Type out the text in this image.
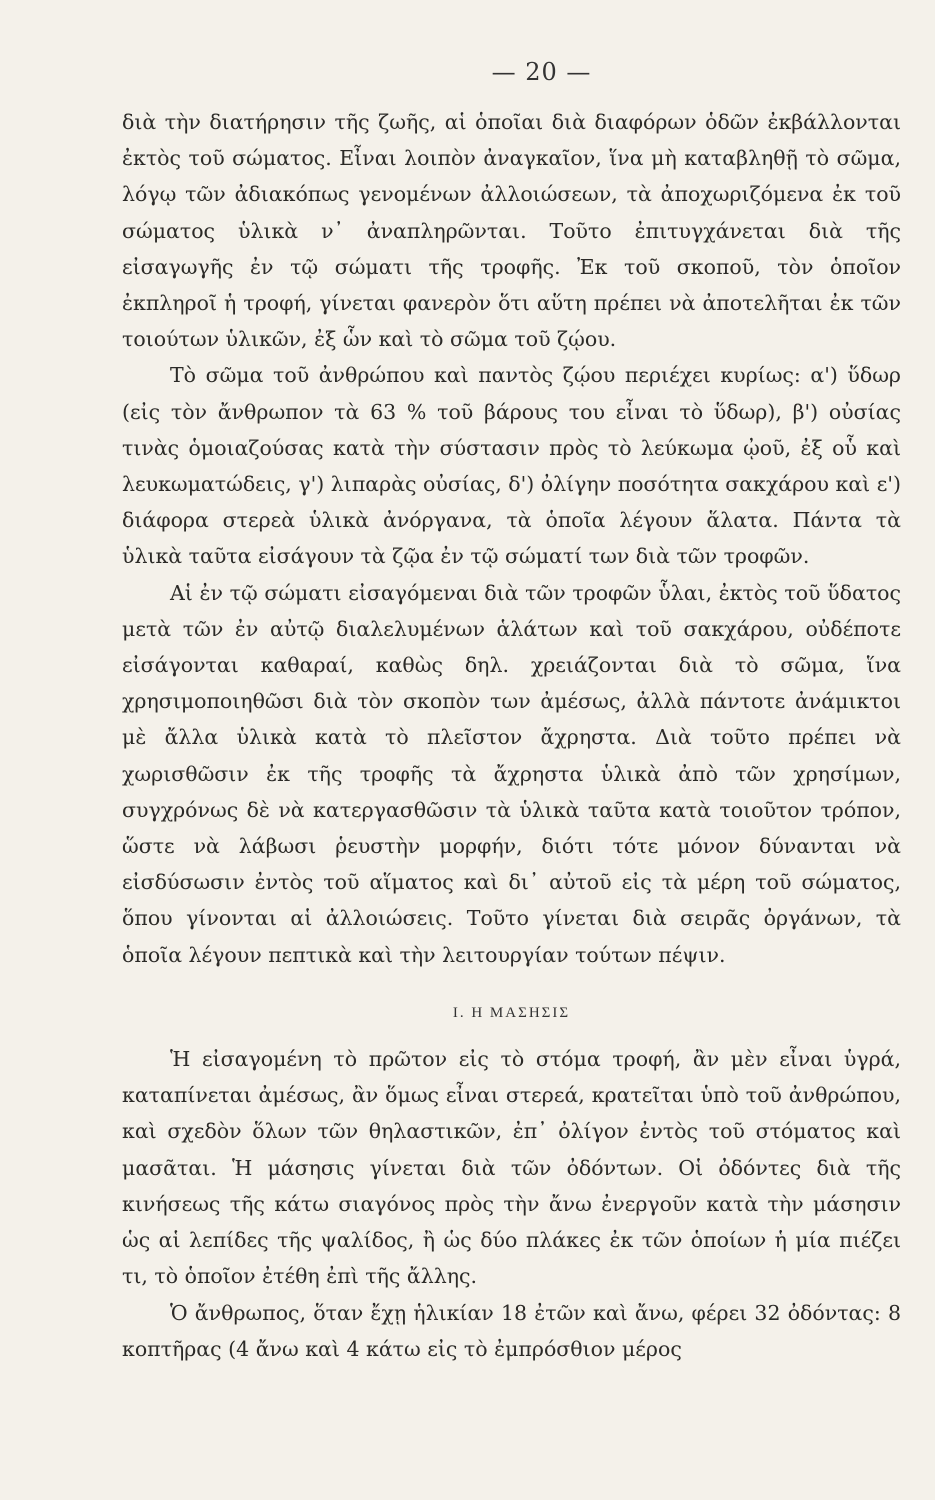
— 20 —

διὰ τὴν διατήρησιν τῆς ζωῆς, αἱ ὁποῖαι διὰ διαφόρων ὁδῶν ἐκβάλλονται ἐκτὸς τοῦ σώματος. Εἶναι λοιπὸν ἀναγκαῖον, ἵνα μὴ καταβληθῇ τὸ σῶμα, λόγῳ τῶν ἀδιακόπως γενομένων ἀλλοιώσεων, τὰ ἀποχωριζόμενα ἐκ τοῦ σώματος ὑλικὰ ν᾿ ἀναπληρῶνται. Τοῦτο ἐπιτυγχάνεται διὰ τῆς εἰσαγωγῆς ἐν τῷ σώματι τῆς τροφῆς. Ἐκ τοῦ σκοποῦ, τὸν ὁποῖον ἐκπληροῖ ἡ τροφή, γίνεται φανερὸν ὅτι αὕτη πρέπει νὰ ἀποτελῆται ἐκ τῶν τοιούτων ὑλικῶν, ἐξ ὧν καὶ τὸ σῶμα τοῦ ζῴου.

Τὸ σῶμα τοῦ ἀνθρώπου καὶ παντὸς ζῴου περιέχει κυρίως: α') ὕδωρ (εἰς τὸν ἄνθρωπον τὰ 63 % τοῦ βάρους του εἶναι τὸ ὕδωρ), β') οὐσίας τινὰς ὁμοιαζούσας κατὰ τὴν σύστασιν πρὸς τὸ λεύκωμα ᾠοῦ, ἐξ οὗ καὶ λευκωματώδεις, γ') λιπαρὰς οὐσίας, δ') ὀλίγην ποσότητα σακχάρου καὶ ε') διάφορα στερεὰ ὑλικὰ ἀνόργανα, τὰ ὁποῖα λέγουν ἅλατα. Πάντα τὰ ὑλικὰ ταῦτα εἰσάγουν τὰ ζῷα ἐν τῷ σώματί των διὰ τῶν τροφῶν.

Αἱ ἐν τῷ σώματι εἰσαγόμεναι διὰ τῶν τροφῶν ὗλαι, ἐκτὸς τοῦ ὕδατος μετὰ τῶν ἐν αὐτῷ διαλελυμένων ἁλάτων καὶ τοῦ σακχάρου, οὐδέποτε εἰσάγονται καθαραί, καθὼς δηλ. χρειάζονται διὰ τὸ σῶμα, ἵνα χρησιμοποιηθῶσι διὰ τὸν σκοπὸν των ἀμέσως, ἀλλὰ πάντοτε ἀνάμικτοι μὲ ἄλλα ὑλικὰ κατὰ τὸ πλεῖστον ἄχρηστα. Διὰ τοῦτο πρέπει νὰ χωρισθῶσιν ἐκ τῆς τροφῆς τὰ ἄχρηστα ὑλικὰ ἀπὸ τῶν χρησίμων, συγχρόνως δὲ νὰ κατεργασθῶσιν τὰ ὑλικὰ ταῦτα κατὰ τοιοῦτον τρόπον, ὥστε νὰ λάβωσι ῥευστὴν μορφήν, διότι τότε μόνον δύνανται νὰ εἰσδύσωσιν ἐντὸς τοῦ αἵματος καὶ δι᾿ αὐτοῦ εἰς τὰ μέρη τοῦ σώματος, ὅπου γίνονται αἱ ἀλλοιώσεις. Τοῦτο γίνεται διὰ σειρᾶς ὀργάνων, τὰ ὁποῖα λέγουν πεπτικὰ καὶ τὴν λειτουργίαν τούτων πέψιν.

Ι. Η ΜΑΣΗΣΙΣ

Ἡ εἰσαγομένη τὸ πρῶτον εἰς τὸ στόμα τροφή, ἂν μὲν εἶναι ὑγρά, καταπίνεται ἀμέσως, ἂν ὅμως εἶναι στερεά, κρατεῖται ὑπὸ τοῦ ἀνθρώπου, καὶ σχεδὸν ὅλων τῶν θηλαστικῶν, ἐπ᾿ ὀλίγον ἐντὸς τοῦ στόματος καὶ μασᾶται. Ἡ μάσησις γίνεται διὰ τῶν ὀδόντων. Οἱ ὀδόντες διὰ τῆς κινήσεως τῆς κάτω σιαγόνος πρὸς τὴν ἄνω ἐνεργοῦν κατὰ τὴν μάσησιν ὡς αἱ λεπίδες τῆς ψαλίδος, ἢ ὡς δύο πλάκες ἐκ τῶν ὁποίων ἡ μία πιέζει τι, τὸ ὁποῖον ἐτέθη ἐπὶ τῆς ἄλλης.

Ὁ ἄνθρωπος, ὅταν ἔχῃ ἡλικίαν 18 ἐτῶν καὶ ἄνω, φέρει 32 ὀδόντας: 8 κοπτῆρας (4 ἄνω καὶ 4 κάτω εἰς τὸ ἐμπρόσθιον μέρος
